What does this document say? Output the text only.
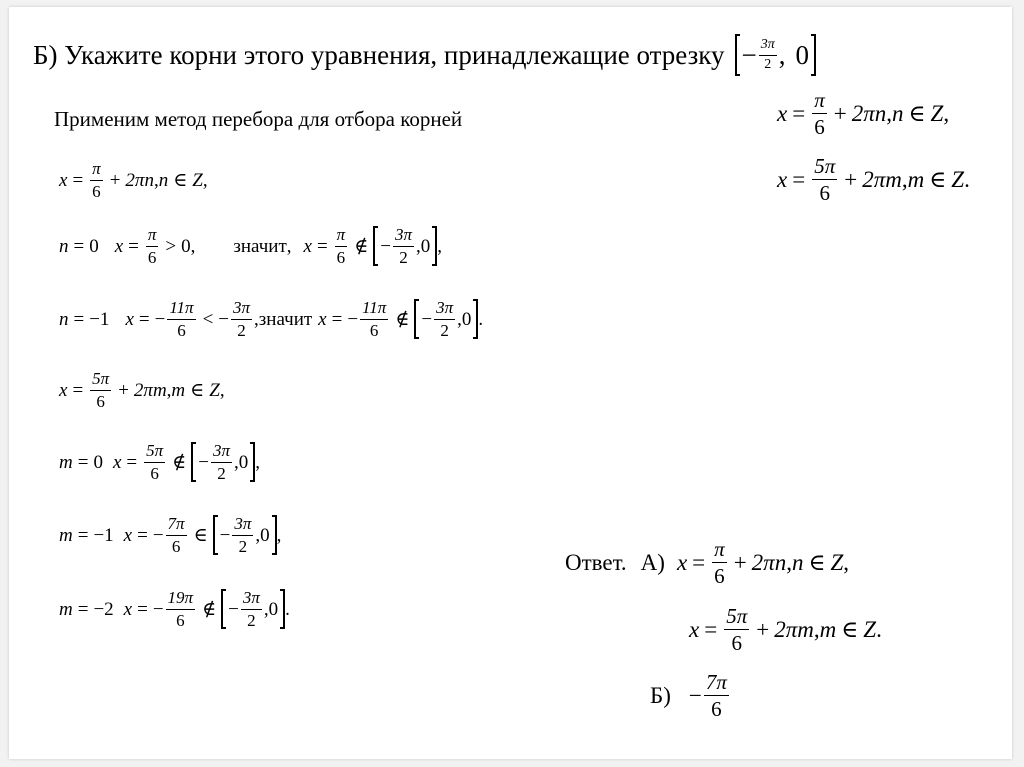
Б) Укажите корни этого уравнения, принадлежащие отрезку − $\frac{3\pi}{2}$ , 0
Применим метод перебора для отбора корней	$x = \frac{\pi}{6} + 2\pi$ n , n ∈ Z ,
$x = \frac{5\pi}{6} + 2\pi$ m , m ∈ Z .
$x = \frac{\pi}{6} + 2\pi$ n , n ∈ Z ,
n = 0 $x = \frac{\pi}{6} > 0$ , значит , $x = \frac{\pi}{6}$ ∉ − $\frac{3\pi}{2}$ , 0 ,
n = −1 x = − $\frac{11\pi}{6}$ < − $\frac{3\pi}{2}$ , значит x = − $\frac{11\pi}{6}$ ∉ − $\frac{3\pi}{2}$ , 0 .
$x = \frac{5\pi}{6} + 2\pi$ m , m ∈ Z ,
m = 0 $x = \frac{5\pi}{6}$ ∉ − $\frac{3\pi}{2}$ , 0 ,
m = −1 x = − $\frac{7\pi}{6}$ ∈ − $\frac{3\pi}{2}$ , 0 ,
m = −2 x = − $\frac{19\pi}{6}$ ∉ − $\frac{3\pi}{2}$ , 0 .
Ответ. А) $x = \frac{\pi}{6} + 2\pi$ n , n ∈ Z ,
$x = \frac{5\pi}{6} + 2\pi$ m , m ∈ Z .
$Б) - \frac{7\pi}{6}$
